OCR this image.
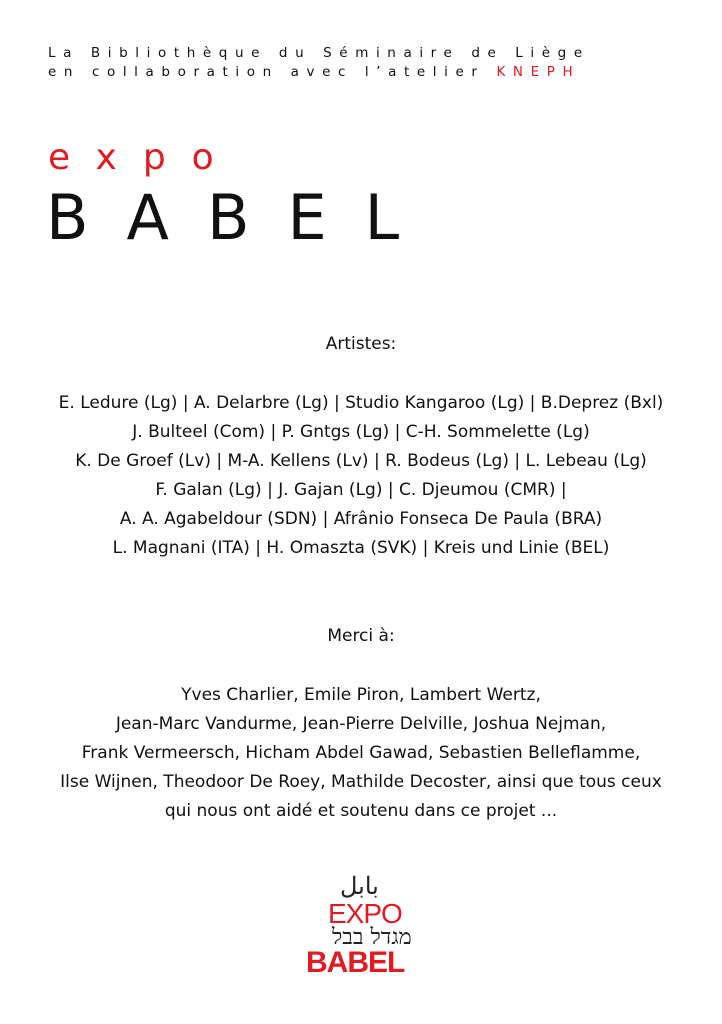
La Bibliothèque du Séminaire de Liège
en collaboration avec l’atelier KNEPH
expo
BABEL
Artistes:
E. Ledure (Lg) | A. Delarbre (Lg) | Studio Kangaroo (Lg) | B.Deprez (Bxl)
J. Bulteel (Com) | P. Gntgs (Lg) | C-H. Sommelette (Lg)
K. De Groef (Lv) | M-A. Kellens (Lv) | R. Bodeus (Lg) | L. Lebeau (Lg)
F. Galan (Lg) | J. Gajan (Lg) | C. Djeumou (CMR) |
A. A. Agabeldour (SDN) | Afrânio Fonseca De Paula (BRA)
L. Magnani (ITA) | H. Omaszta (SVK) | Kreis und Linie (BEL)
Merci à:
Yves Charlier, Emile Piron, Lambert Wertz,
Jean-Marc Vandurme, Jean-Pierre Delville, Joshua Nejman,
Frank Vermeersch, Hicham Abdel Gawad, Sebastien Belleflamme,
Ilse Wijnen, Theodoor De Roey, Mathilde Decoster, ainsi que tous ceux
qui nous ont aidé et soutenu dans ce projet ...
بابل
EXPO
מגדל בבל
BABEL
